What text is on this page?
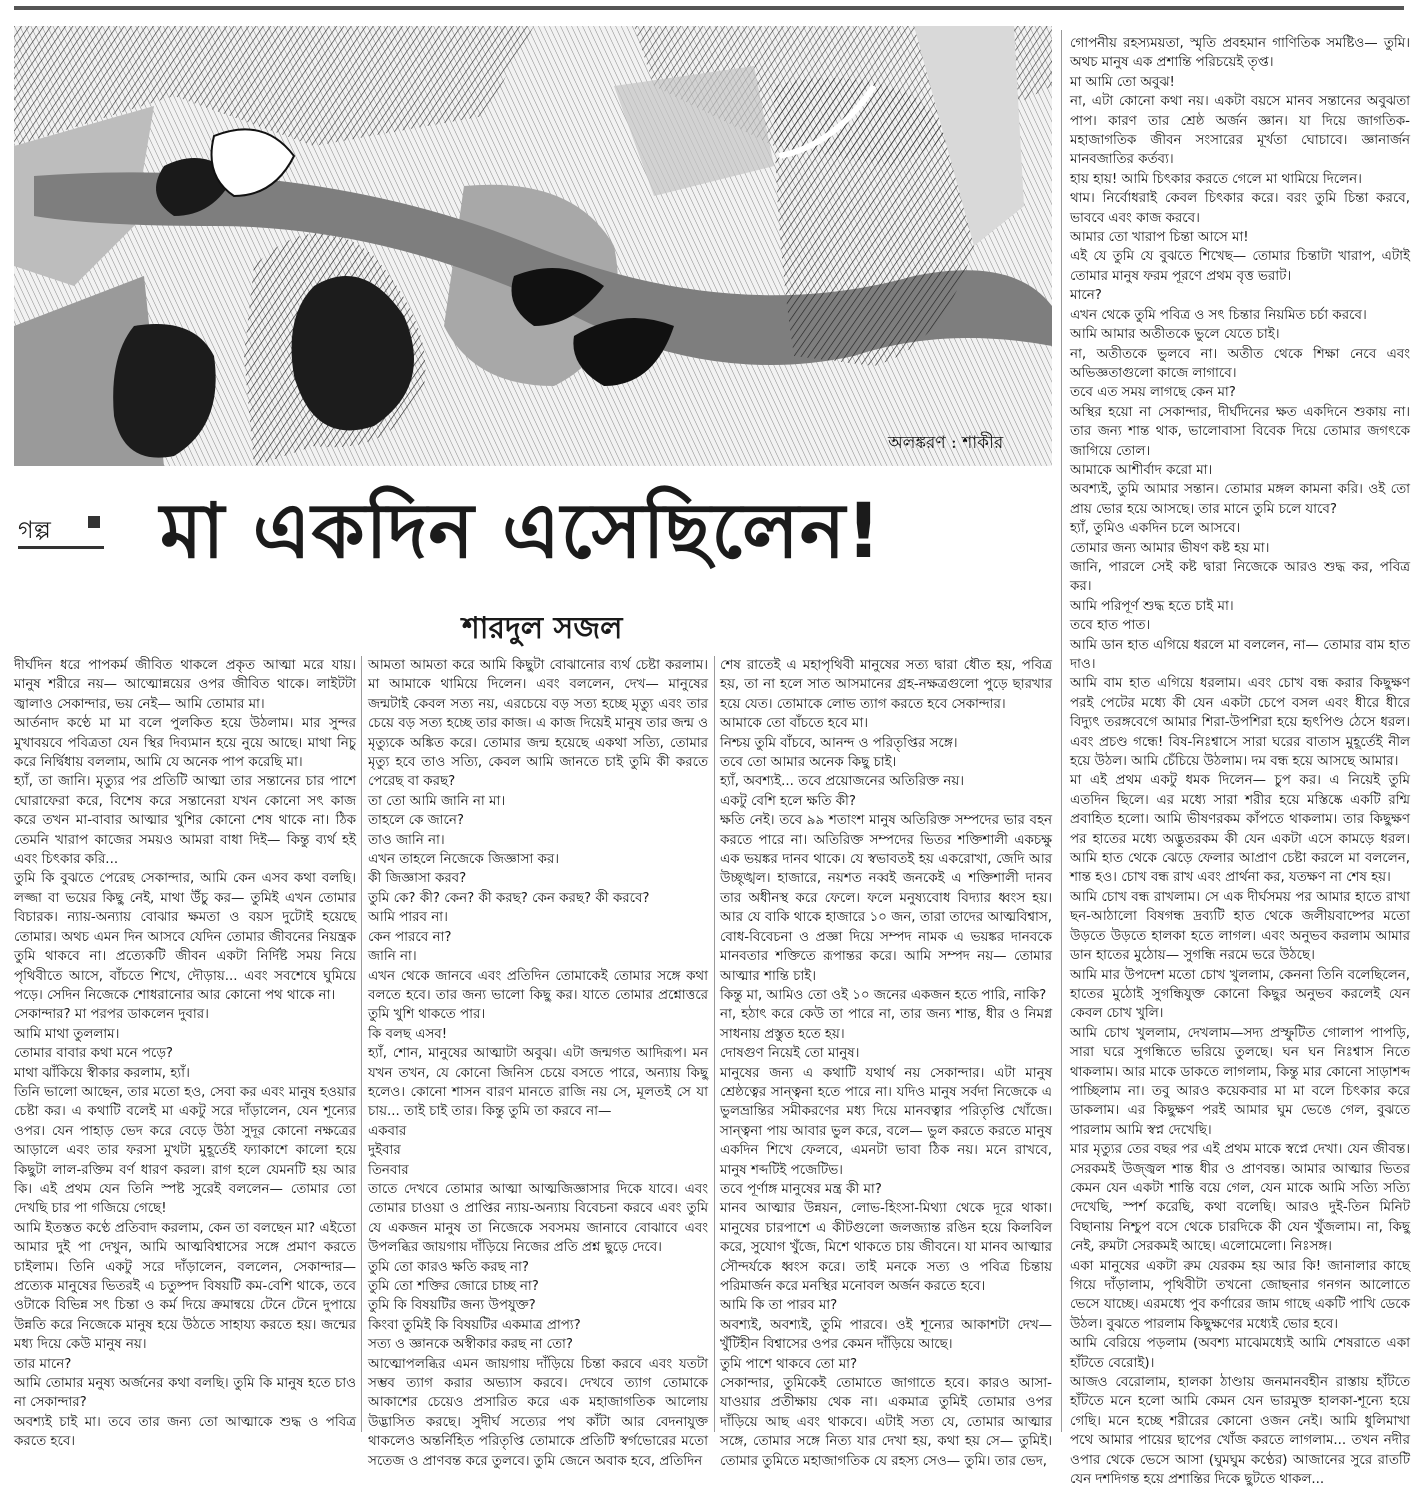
অলঙ্করণ : শাকীর
গল্প মা একদিন এসেছিলেন!
শারদুল সজল

দীর্ঘদিন ধরে পাপকর্ম জীবিত থাকলে প্রকৃত আত্মা মরে যায়। মানুষ শরীরে নয়— আত্মোন্নয়ের ওপর জীবিত থাকে। লাইটটা জ্বালাও সেকান্দার, ভয় নেই— আমি তোমার মা।

আর্তনাদ কণ্ঠে মা মা বলে পুলকিত হয়ে উঠলাম। মার সুন্দর মুখাবয়বে পবিত্রতা যেন স্থির দিব্যমান হয়ে নুয়ে আছে। মাথা নিচু করে নির্দ্বিধায় বললাম, আমি যে অনেক পাপ করেছি মা।

হ্যাঁ, তা জানি। মৃত্যুর পর প্রতিটি আত্মা তার সন্তানের চার পাশে ঘোরাফেরা করে, বিশেষ করে সন্তানেরা যখন কোনো সৎ কাজ করে তখন মা-বাবার আত্মার খুশির কোনো শেষ থাকে না। ঠিক তেমনি খারাপ কাজের সময়ও আমরা বাধা দিই— কিন্তু ব্যর্থ হই এবং চিৎকার করি...

তুমি কি বুঝতে পেরেছ সেকান্দার, আমি কেন এসব কথা বলছি। লজ্জা বা ভয়ের কিছু নেই, মাথা উঁচু কর— তুমিই এখন তোমার বিচারক। ন্যায়-অন্যায় বোঝার ক্ষমতা ও বয়স দুটোই হয়েছে তোমার। অথচ এমন দিন আসবে যেদিন তোমার জীবনের নিয়ন্ত্রক তুমি থাকবে না। প্রত্যেকটি জীবন একটা নির্দিষ্ট সময় নিয়ে পৃথিবীতে আসে, বাঁচতে শিখে, দৌড়ায়... এবং সবশেষে ঘুমিয়ে পড়ে। সেদিন নিজেকে শোধরানোর আর কোনো পথ থাকে না।

সেকান্দার? মা পরপর ডাকলেন দুবার।

আমি মাথা তুললাম।

তোমার বাবার কথা মনে পড়ে?

মাথা ঝাঁকিয়ে স্বীকার করলাম, হ্যাঁ।

তিনি ভালো আছেন, তার মতো হও, সেবা কর এবং মানুষ হওয়ার চেষ্টা কর। এ কথাটি বলেই মা একটু সরে দাঁড়ালেন, যেন শূন্যের ওপর। যেন পাহাড় ভেদ করে বেড়ে উঠা সুদূর কোনো নক্ষত্রের আড়ালে এবং তার ফরসা মুখটা মুহূর্তেই ফ্যাকাশে কালো হয়ে কিছুটা লাল-রক্তিম বর্ণ ধারণ করল। রাগ হলে যেমনটি হয় আর কি। এই প্রথম যেন তিনি স্পষ্ট সুরেই বললেন— তোমার তো দেখছি চার পা গজিয়ে গেছে!

আমি ইতস্তত কণ্ঠে প্রতিবাদ করলাম, কেন তা বলছেন মা? এইতো আমার দুই পা দেখুন, আমি আত্মবিশ্বাসের সঙ্গে প্রমাণ করতে চাইলাম। তিনি একটু সরে দাঁড়ালেন, বললেন, সেকান্দার— প্রত্যেক মানুষের ভিতরই এ চতুষ্পদ বিষয়টি কম-বেশি থাকে, তবে ওটাকে বিভিন্ন সৎ চিন্তা ও কর্ম দিয়ে ক্রমান্বয়ে টেনে টেনে দুপায়ে উন্নতি করে নিজেকে মানুষ হয়ে উঠতে সাহায্য করতে হয়। জন্মের মধ্য দিয়ে কেউ মানুষ নয়।

তার মানে?

আমি তোমার মনুষ্য অর্জনের কথা বলছি। তুমি কি মানুষ হতে চাও না সেকান্দার?

অবশ্যই চাই মা। তবে তার জন্য তো আত্মাকে শুদ্ধ ও পবিত্র করতে হবে।

আমতা আমতা করে আমি কিছুটা বোঝানোর ব্যর্থ চেষ্টা করলাম। মা আমাকে থামিয়ে দিলেন। এবং বললেন, দেখ— মানুষের জন্মটাই কেবল সত্য নয়, এরচেয়ে বড় সত্য হচ্ছে মৃত্যু এবং তার চেয়ে বড় সত্য হচ্ছে তার কাজ। এ কাজ দিয়েই মানুষ তার জন্ম ও মৃত্যুকে অঙ্কিত করে। তোমার জন্ম হয়েছে একথা সত্যি, তোমার মৃত্যু হবে তাও সত্যি, কেবল আমি জানতে চাই তুমি কী করতে পেরেছ বা করছ?

তা তো আমি জানি না মা।

তাহলে কে জানে?

তাও জানি না।

এখন তাহলে নিজেকে জিজ্ঞাসা কর।

কী জিজ্ঞাসা করব?

তুমি কে? কী? কেন? কী করছ? কেন করছ? কী করবে?

আমি পারব না।

কেন পারবে না?

জানি না।

এখন থেকে জানবে এবং প্রতিদিন তোমাকেই তোমার সঙ্গে কথা বলতে হবে। তার জন্য ভালো কিছু কর। যাতে তোমার প্রশ্নোত্তরে তুমি খুশি থাকতে পার।

কি বলছ এসব!

হ্যাঁ, শোন, মানুষের আত্মাটা অবুঝ। এটা জন্মগত আদিরূপ। মন যখন তখন, যে কোনো জিনিস চেয়ে বসতে পারে, অন্যায় কিছু হলেও। কোনো শাসন বারণ মানতে রাজি নয় সে, মূলতই সে যা চায়... তাই চাই তার। কিন্তু তুমি তা করবে না—

একবার

দুইবার

তিনবার

তাতে দেখবে তোমার আত্মা আত্মজিজ্ঞাসার দিকে যাবে। এবং তোমার চাওয়া ও প্রাপ্তির ন্যায়-অন্যায় বিবেচনা করবে এবং তুমি যে একজন মানুষ তা নিজেকে সবসময় জানাবে বোঝাবে এবং উপলব্ধির জায়গায় দাঁড়িয়ে নিজের প্রতি প্রশ্ন ছুড়ে দেবে।

তুমি তো কারও ক্ষতি করছ না?

তুমি তো শক্তির জোরে চাচ্ছ না?

তুমি কি বিষয়টির জন্য উপযুক্ত?

কিংবা তুমিই কি বিষয়টির একমাত্র প্রাপ্য?

সত্য ও জ্ঞানকে অস্বীকার করছ না তো?

আত্মোপলব্ধির এমন জায়গায় দাঁড়িয়ে চিন্তা করবে এবং যতটা সম্ভব ত্যাগ করার অভ্যাস করবে। দেখবে ত্যাগ তোমাকে আকাশের চেয়েও প্রসারিত করে এক মহাজাগতিক আলোয় উদ্ভাসিত করছে। সুদীর্ঘ সত্যের পথ কাঁটা আর বেদনাযুক্ত থাকলেও অন্তর্নিহিত পরিতৃপ্তি তোমাকে প্রতিটি স্বর্গভোরের মতো সতেজ ও প্রাণবন্ত করে তুলবে। তুমি জেনে অবাক হবে, প্রতিদিন

শেষ রাতেই এ মহাপৃথিবী মানুষের সত্য দ্বারা ধৌত হয়, পবিত্র হয়, তা না হলে সাত আসমানের গ্রহ-নক্ষত্রগুলো পুড়ে ছারখার হয়ে যেত। তোমাকে লোভ ত্যাগ করতে হবে সেকান্দার।

আমাকে তো বাঁচতে হবে মা।

নিশ্চয় তুমি বাঁচবে, আনন্দ ও পরিতৃপ্তির সঙ্গে।

তবে তো আমার অনেক কিছু চাই।

হ্যাঁ, অবশ্যই... তবে প্রয়োজনের অতিরিক্ত নয়।

একটু বেশি হলে ক্ষতি কী?

ক্ষতি নেই। তবে ৯৯ শতাংশ মানুষ অতিরিক্ত সম্পদের ভার বহন করতে পারে না। অতিরিক্ত সম্পদের ভিতর শক্তিশালী একচক্ষু এক ভয়ঙ্কর দানব থাকে। যে স্বভাবতই হয় একরোখা, জেদি আর উচ্ছৃঙ্খল। হাজারে, নয়শত নব্বই জনকেই এ শক্তিশালী দানব তার অধীনস্থ করে ফেলে। ফলে মনুষ্যবোধ বিদ্যার ধ্বংস হয়। আর যে বাকি থাকে হাজারে ১০ জন, তারা তাদের আত্মবিশ্বাস, বোধ-বিবেচনা ও প্রজ্ঞা দিয়ে সম্পদ নামক এ ভয়ঙ্কর দানবকে মানবতার শক্তিতে রূপান্তর করে। আমি সম্পদ নয়— তোমার আত্মার শান্তি চাই।

কিন্তু মা, আমিও তো ওই ১০ জনের একজন হতে পারি, নাকি?

না, হঠাৎ করে কেউ তা পারে না, তার জন্য শান্ত, ধীর ও নিমগ্ন সাধনায় প্রস্তুত হতে হয়।

দোষগুণ নিয়েই তো মানুষ।

মানুষের জন্য এ কথাটি যথার্থ নয় সেকান্দার। এটা মানুষ শ্রেষ্ঠত্বের সান্ত্বনা হতে পারে না। যদিও মানুষ সর্বদা নিজেকে এ ভুলভ্রান্তির সমীকরণের মধ্য দিয়ে মানবত্বার পরিতৃপ্তি খোঁজে। সান্ত্বনা পায় আবার ভুল করে, বলে— ভুল করতে করতে মানুষ একদিন শিখে ফেলবে, এমনটা ভাবা ঠিক নয়। মনে রাখবে, মানুষ শব্দটিই পজেটিভ।

তবে পূর্ণাঙ্গ মানুষের মন্ত্র কী মা?

মানব আত্মার উন্নয়ন, লোভ-হিংসা-মিথ্যা থেকে দূরে থাকা। মানুষের চারপাশে এ কীটগুলো জলজ্যান্ত রঙিন হয়ে কিলবিল করে, সুযোগ খুঁজে, মিশে থাকতে চায় জীবনে। যা মানব আত্মার সৌন্দর্যকে ধ্বংস করে। তাই মনকে সত্য ও পবিত্র চিন্তায় পরিমার্জন করে মনস্থির মনোবল অর্জন করতে হবে।

আমি কি তা পারব মা?

অবশ্যই, অবশ্যই, তুমি পারবে। ওই শূন্যের আকাশটা দেখ— খুঁটিহীন বিশ্বাসের ওপর কেমন দাঁড়িয়ে আছে।

তুমি পাশে থাকবে তো মা?

সেকান্দার, তুমিকেই তোমাতে জাগাতে হবে। কারও আসা-যাওয়ার প্রতীক্ষায় থেক না। একমাত্র তুমিই তোমার ওপর দাঁড়িয়ে আছ এবং থাকবে। এটাই সত্য যে, তোমার আত্মার সঙ্গে, তোমার সঙ্গে নিত্য যার দেখা হয়, কথা হয় সে— তুমিই। তোমার তুমিতে মহাজাগতিক যে রহস্য সেও— তুমি। তার ভেদ,

গোপনীয় রহস্যময়তা, স্মৃতি প্রবহমান গাণিতিক সমষ্টিও— তুমি। অথচ মানুষ এক প্রশান্তি পরিচয়েই তৃপ্ত।

মা আমি তো অবুঝ!

না, এটা কোনো কথা নয়। একটা বয়সে মানব সন্তানের অবুঝতা পাপ। কারণ তার শ্রেষ্ঠ অর্জন জ্ঞান। যা দিয়ে জাগতিক-মহাজাগতিক জীবন সংসারের মূর্খতা ঘোচাবে। জ্ঞানার্জন মানবজাতির কর্তব্য।

হায় হায়! আমি চিৎকার করতে গেলে মা থামিয়ে দিলেন।

থাম। নির্বোধরাই কেবল চিৎকার করে। বরং তুমি চিন্তা করবে, ভাববে এবং কাজ করবে।

আমার তো খারাপ চিন্তা আসে মা!

এই যে তুমি যে বুঝতে শিখেছ— তোমার চিন্তাটা খারাপ, এটাই তোমার মানুষ ফরম পূরণে প্রথম বৃত্ত ভরাট।

মানে?

এখন থেকে তুমি পবিত্র ও সৎ চিন্তার নিয়মিত চর্চা করবে।

আমি আমার অতীতকে ভুলে যেতে চাই।

না, অতীতকে ভুলবে না। অতীত থেকে শিক্ষা নেবে এবং অভিজ্ঞতাগুলো কাজে লাগাবে।

তবে এত সময় লাগছে কেন মা?

অস্থির হয়ো না সেকান্দার, দীর্ঘদিনের ক্ষত একদিনে শুকায় না। তার জন্য শান্ত থাক, ভালোবাসা বিবেক দিয়ে তোমার জগৎকে জাগিয়ে তোল।

আমাকে আশীর্বাদ করো মা।

অবশ্যই, তুমি আমার সন্তান। তোমার মঙ্গল কামনা করি। ওই তো প্রায় ভোর হয়ে আসছে। তার মানে তুমি চলে যাবে?

হ্যাঁ, তুমিও একদিন চলে আসবে।

তোমার জন্য আমার ভীষণ কষ্ট হয় মা।

জানি, পারলে সেই কষ্ট দ্বারা নিজেকে আরও শুদ্ধ কর, পবিত্র কর।

আমি পরিপূর্ণ শুদ্ধ হতে চাই মা।

তবে হাত পাত।

আমি ডান হাত এগিয়ে ধরলে মা বললেন, না— তোমার বাম হাত দাও।

আমি বাম হাত এগিয়ে ধরলাম। এবং চোখ বন্ধ করার কিছুক্ষণ পরই পেটের মধ্যে কী যেন একটা চেপে বসল এবং ধীরে ধীরে বিদ্যুৎ তরঙ্গবেগে আমার শিরা-উপশিরা হয়ে হৃৎপিণ্ড ঠেসে ধরল। এবং প্রচণ্ড গন্ধে! বিষ-নিঃশ্বাসে সারা ঘরের বাতাস মুহূর্তেই নীল হয়ে উঠল। আমি চেঁচিয়ে উঠলাম। দম বন্ধ হয়ে আসছে আমার।

মা এই প্রথম একটু ধমক দিলেন— চুপ কর। এ নিয়েই তুমি এতদিন ছিলে। এর মধ্যে সারা শরীর হয়ে মস্তিষ্কে একটি রশ্মি প্রবাহিত হলো। আমি ভীষণরকম কাঁপতে থাকলাম। তার কিছুক্ষণ পর হাতের মধ্যে অদ্ভুতরকম কী যেন একটা এসে কামড়ে ধরল। আমি হাত থেকে ঝেড়ে ফেলার আপ্রাণ চেষ্টা করলে মা বললেন, শান্ত হও। চোখ বন্ধ রাখ এবং প্রার্থনা কর, যতক্ষণ না শেষ হয়।

আমি চোখ বন্ধ রাখলাম। সে এক দীর্ঘসময় পর আমার হাতে রাখা ছন-আঠালো বিষগন্ধ দ্রব্যটি হাত থেকে জলীয়বাষ্পের মতো উড়তে উড়তে হালকা হতে লাগল। এবং অনুভব করলাম আমার ডান হাতের মুঠোয়— সুগন্ধি নরমে ভরে উঠছে।

আমি মার উপদেশ মতো চোখ খুললাম, কেননা তিনি বলেছিলেন, হাতের মুঠোই সুগন্ধিযুক্ত কোনো কিছুর অনুভব করলেই যেন কেবল চোখ খুলি।

আমি চোখ খুললাম, দেখলাম—সদ্য প্রস্ফুটিত গোলাপ পাপড়ি, সারা ঘরে সুগন্ধিতে ভরিয়ে তুলছে। ঘন ঘন নিঃশ্বাস নিতে থাকলাম। আর মাকে ডাকতে লাগলাম, কিন্তু মার কোনো সাড়াশব্দ পাচ্ছিলাম না। তবু আরও কয়েকবার মা মা বলে চিৎকার করে ডাকলাম। এর কিছুক্ষণ পরই আমার ঘুম ভেঙে গেল, বুঝতে পারলাম আমি স্বপ্ন দেখেছি।

মার মৃত্যুর তের বছর পর এই প্রথম মাকে স্বপ্নে দেখা। যেন জীবন্ত। সেরকমই উজ্জ্বল শান্ত ধীর ও প্রাণবন্ত। আমার আত্মার ভিতর কেমন যেন একটা শান্তি বয়ে গেল, যেন মাকে আমি সত্যি সত্যি দেখেছি, স্পর্শ করেছি, কথা বলেছি। আরও দুই-তিন মিনিট বিছানায় নিশ্চুপ বসে থেকে চারদিকে কী যেন খুঁজলাম। না, কিছু নেই, রুমটা সেরকমই আছে। এলোমেলো। নিঃসঙ্গ।

একা মানুষের একটা রুম যেরকম হয় আর কি! জানালার কাছে গিয়ে দাঁড়ালাম, পৃথিবীটা তখনো জোছনার গনগন আলোতে ভেসে যাচ্ছে। এরমধ্যে পুব কর্ণারের জাম গাছে একটি পাখি ডেকে উঠল। বুঝতে পারলাম কিছুক্ষণের মধ্যেই ভোর হবে।

আমি বেরিয়ে পড়লাম (অবশ্য মাঝেমধ্যেই আমি শেষরাতে একা হাঁটতে বেরোই)।

আজও বেরোলাম, হালকা ঠাণ্ডায় জনমানবহীন রাস্তায় হাঁটতে হাঁটতে মনে হলো আমি কেমন যেন ভারমুক্ত হালকা-শূন্যে হয়ে গেছি। মনে হচ্ছে শরীরের কোনো ওজন নেই। আমি ধুলিমাখা পথে আমার পায়ের ছাপের খোঁজ করতে লাগলাম... তখন নদীর ওপার থেকে ভেসে আসা (ঘুমঘুম কণ্ঠের) আজানের সুরে রাতটি যেন দশদিগন্ত হয়ে প্রশান্তির দিকে ছুটতে থাকল...
